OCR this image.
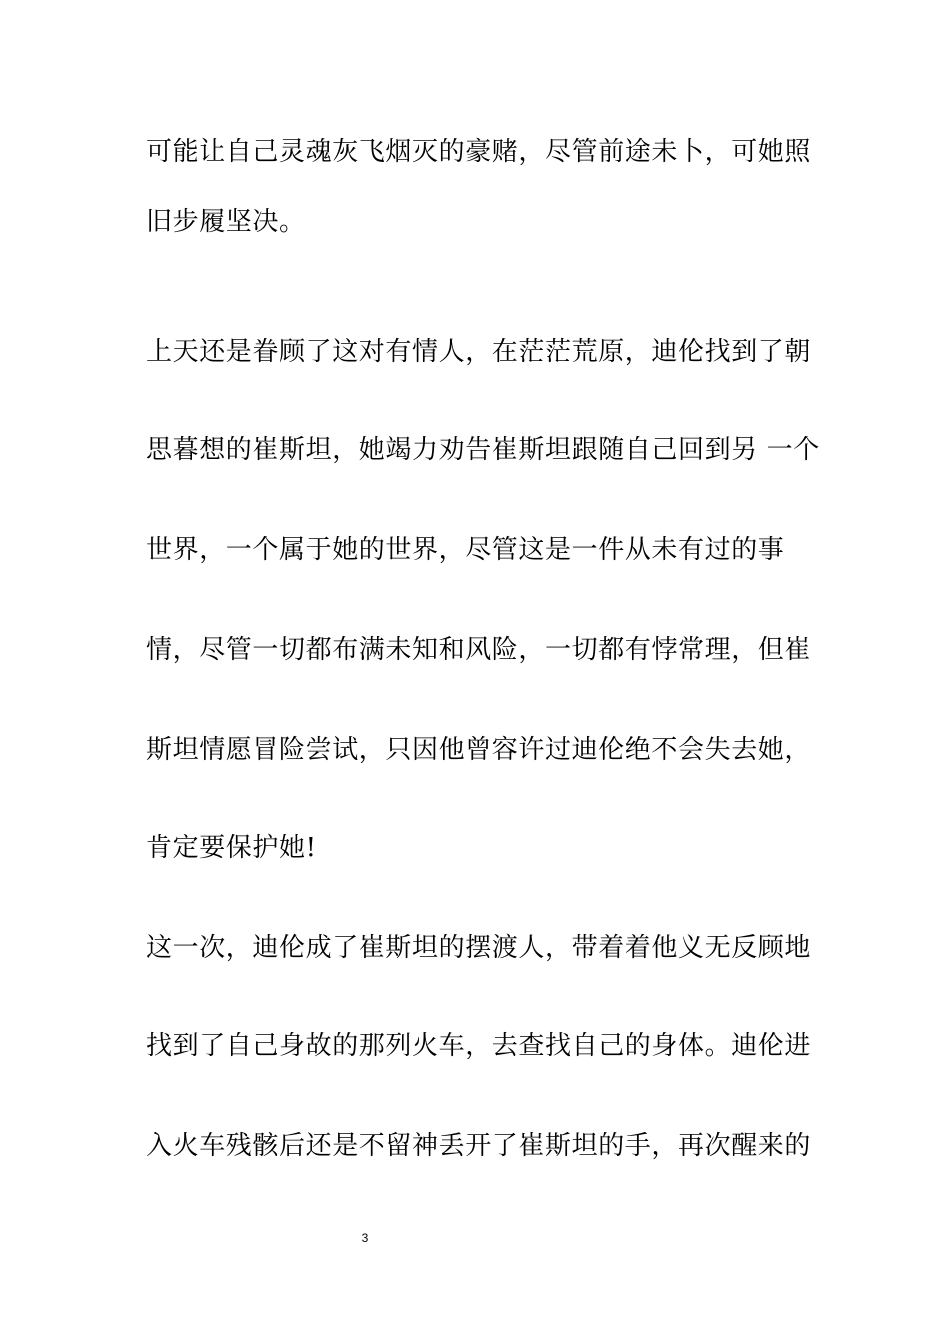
可能让自己灵魂灰飞烟灭的豪赌，尽管前途未卜，可她照
旧步履坚决。
上天还是眷顾了这对有情人，在茫茫荒原，迪伦找到了朝
思暮想的崔斯坦，她竭力劝告崔斯坦跟随自己回到另 一个
世界，一个属于她的世界，尽管这是一件从未有过的事
情，尽管一切都布满未知和风险，一切都有悖常理，但崔
斯坦情愿冒险尝试，只因他曾容许过迪伦绝不会失去她，
肯定要保护她!
这一次，迪伦成了崔斯坦的摆渡人，带着着他义无反顾地
找到了自己身故的那列火车，去查找自己的身体。迪伦进
入火车残骸后还是不留神丢开了崔斯坦的手，再次醒来的
3
